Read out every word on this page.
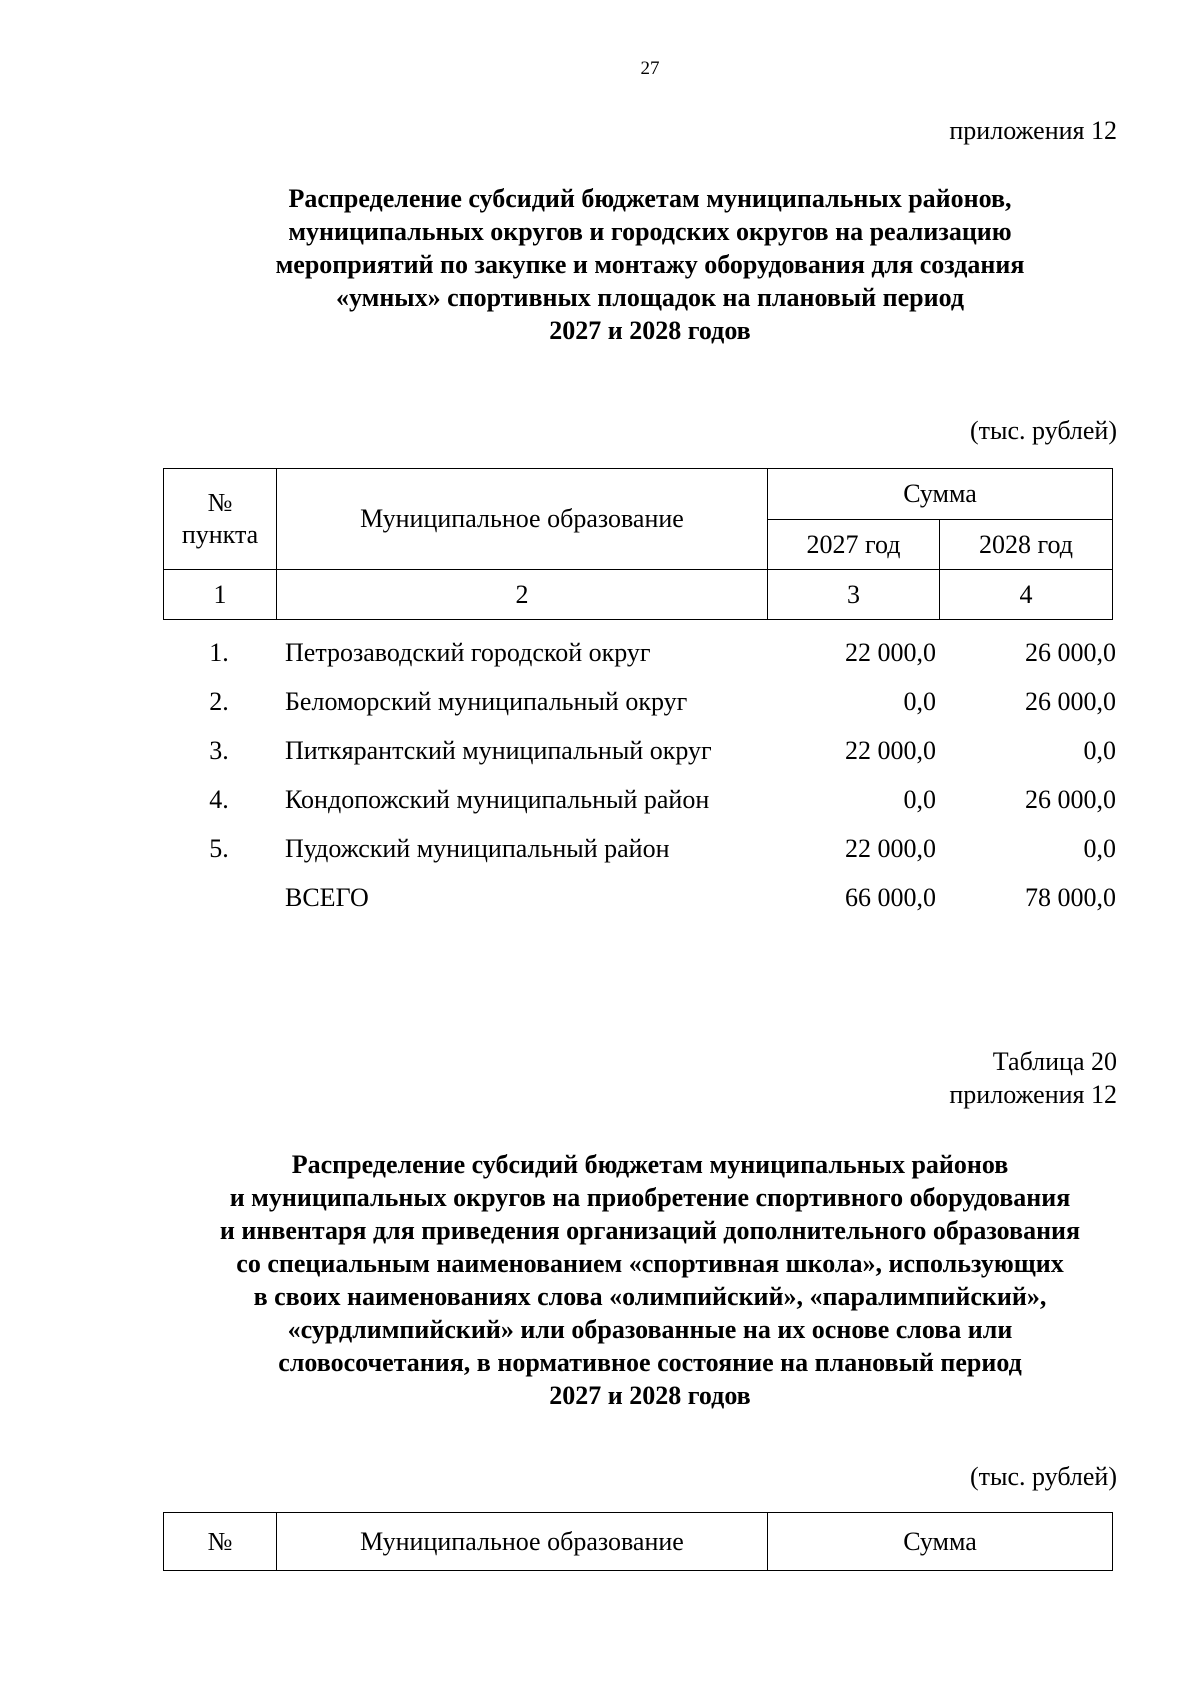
27
приложения 12
Распределение субсидий бюджетам муниципальных районов,
муниципальных округов и городских округов на реализацию
мероприятий по закупке и монтажу оборудования для создания
«умных» спортивных площадок на плановый период
2027 и 2028 годов
(тыс. рублей)
№
пункта	Муниципальное образование	Сумма	
		2027 год	2028 год
1	2	3	4
1.	Петрозаводский городской округ	22 000,0	26 000,0
2.	Беломорский муниципальный округ	0,0	26 000,0
3.	Питкярантский муниципальный округ	22 000,0	0,0
4.	Кондопожский муниципальный район	0,0	26 000,0
5.	Пудожский муниципальный район	22 000,0	0,0
	ВСЕГО	66 000,0	78 000,0
Таблица 20
приложения 12
Распределение субсидий бюджетам муниципальных районов
и муниципальных округов на приобретение спортивного оборудования
и инвентаря для приведения организаций дополнительного образования
со специальным наименованием «спортивная школа», использующих
в своих наименованиях слова «олимпийский», «паралимпийский»,
«сурдлимпийский» или образованные на их основе слова или
словосочетания, в нормативное состояние на плановый период
2027 и 2028 годов
(тыс. рублей)
№	Муниципальное образование	Сумма
